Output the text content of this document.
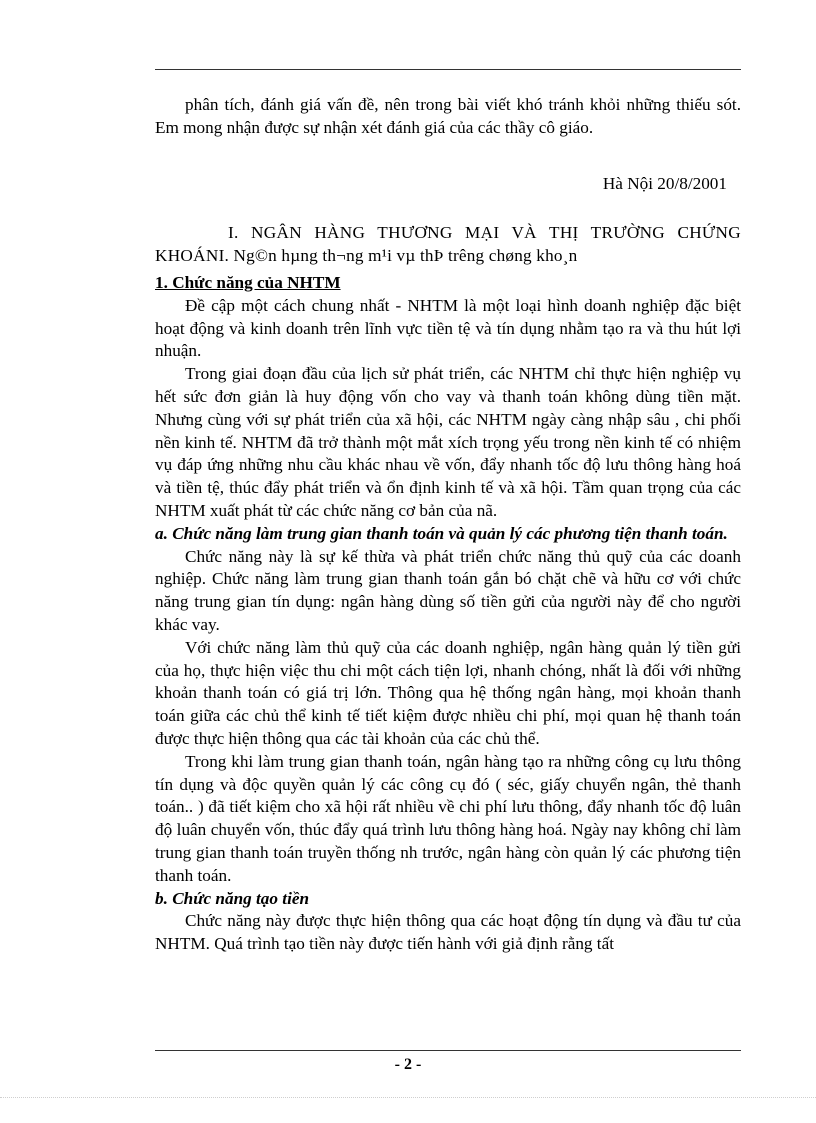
phân tích, đánh giá vấn đề, nên trong bài viết khó tránh khỏi những thiếu sót. Em mong nhận được sự nhận xét đánh giá của các thầy cô giáo.

Hà Nội 20/8/2001

I. NGÂN HÀNG THƯƠNG MẠI VÀ THỊ TRƯỜNG CHỨNG KHOÁNI. Ng©n hµng th¬ng m¹i vµ thÞ trêng chøng kho¸n

1. Chức năng của NHTM

Đề cập một cách chung nhất - NHTM là một loại hình doanh nghiệp đặc biệt hoạt động và kinh doanh trên lĩnh vực tiền tệ và tín dụng nhằm tạo ra và thu hút lợi nhuận.

Trong giai đoạn đầu của lịch sử phát triển, các NHTM chỉ thực hiện nghiệp vụ hết sức đơn giản là huy động vốn cho vay và thanh toán không dùng tiền mặt. Nhưng cùng với sự phát triển của xã hội, các NHTM ngày càng nhập sâu , chi phối nền kinh tế. NHTM đã trở thành một mắt xích trọng yếu trong nền kinh tế có nhiệm vụ đáp ứng những nhu cầu khác nhau về vốn, đẩy nhanh tốc độ lưu thông hàng hoá và tiền tệ, thúc đẩy phát triển và ổn định kinh tế và xã hội. Tầm quan trọng của các NHTM xuất phát từ các chức năng cơ bản của nã.

a. Chức năng làm trung gian thanh toán và quản lý các phương tiện thanh toán.

Chức năng này là sự kế thừa và phát triển chức năng thủ quỹ của các doanh nghiệp. Chức năng làm trung gian thanh toán gắn bó chặt chẽ và hữu cơ với chức năng trung gian tín dụng: ngân hàng dùng số tiền gửi của người này để cho người khác vay.

Với chức năng làm thủ quỹ của các doanh nghiệp, ngân hàng quản lý tiền gửi của họ, thực hiện việc thu chi một cách tiện lợi, nhanh chóng, nhất là đối với những khoản thanh toán có giá trị lớn. Thông qua hệ thống ngân hàng, mọi khoản thanh toán giữa các chủ thể kinh tế tiết kiệm được nhiều chi phí, mọi quan hệ thanh toán được thực hiện thông qua các tài khoản của các chủ thể.

Trong khi làm trung gian thanh toán, ngân hàng tạo ra những công cụ lưu thông tín dụng và độc quyền quản lý các công cụ đó ( séc, giấy chuyển ngân, thẻ thanh toán.. ) đã tiết kiệm cho xã hội rất nhiều về chi phí lưu thông, đẩy nhanh tốc độ luân độ luân chuyển vốn, thúc đẩy quá trình lưu thông hàng hoá. Ngày nay không chỉ làm trung gian thanh toán truyền thống nh trước, ngân hàng còn quản lý các phương tiện thanh toán.

b. Chức năng tạo tiền

Chức năng này được thực hiện thông qua các hoạt động tín dụng và đầu tư của NHTM. Quá trình tạo tiền này được tiến hành với giả định rằng tất

- 2 -
